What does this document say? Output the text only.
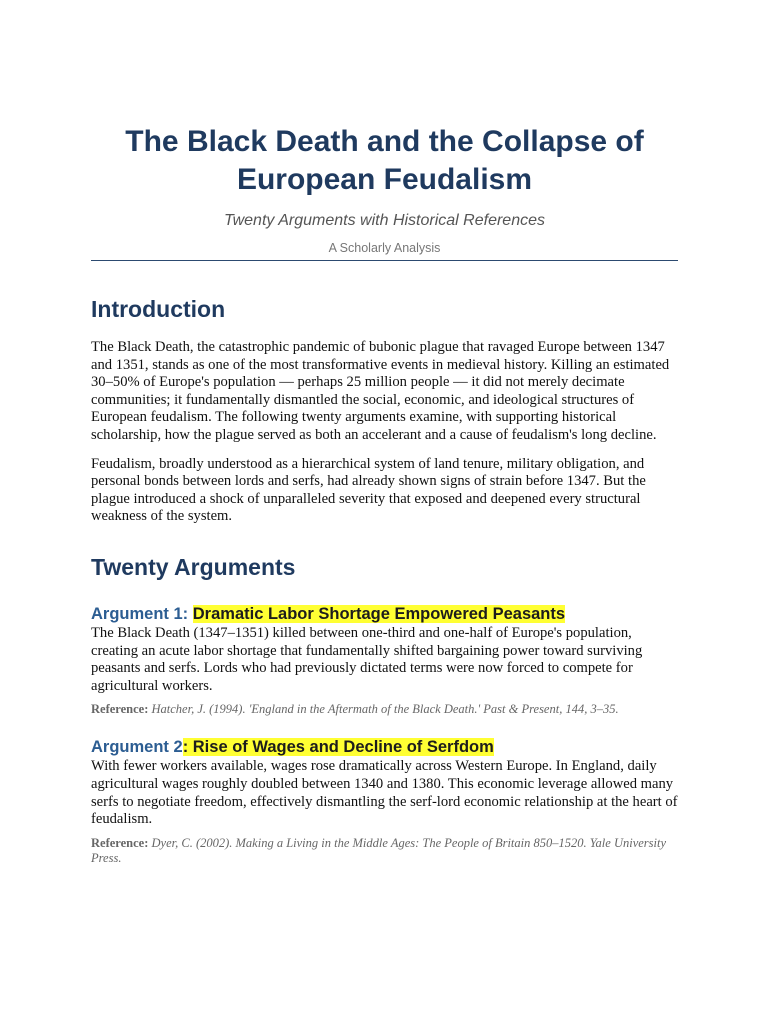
The Black Death and the Collapse of European Feudalism
Twenty Arguments with Historical References
A Scholarly Analysis
Introduction

The Black Death, the catastrophic pandemic of bubonic plague that ravaged Europe between 1347 and 1351, stands as one of the most transformative events in medieval history. Killing an estimated 30–50% of Europe's population — perhaps 25 million people — it did not merely decimate communities; it fundamentally dismantled the social, economic, and ideological structures of European feudalism. The following twenty arguments examine, with supporting historical scholarship, how the plague served as both an accelerant and a cause of feudalism's long decline.

Feudalism, broadly understood as a hierarchical system of land tenure, military obligation, and personal bonds between lords and serfs, had already shown signs of strain before 1347. But the plague introduced a shock of unparalleled severity that exposed and deepened every structural weakness of the system.

Twenty Arguments
Argument 1: Dramatic Labor Shortage Empowered Peasants

The Black Death (1347–1351) killed between one-third and one-half of Europe's population, creating an acute labor shortage that fundamentally shifted bargaining power toward surviving peasants and serfs. Lords who had previously dictated terms were now forced to compete for agricultural workers.

Reference: Hatcher, J. (1994). 'England in the Aftermath of the Black Death.' Past & Present, 144, 3–35.
Argument 2: Rise of Wages and Decline of Serfdom

With fewer workers available, wages rose dramatically across Western Europe. In England, daily agricultural wages roughly doubled between 1340 and 1380. This economic leverage allowed many serfs to negotiate freedom, effectively dismantling the serf-lord economic relationship at the heart of feudalism.

Reference: Dyer, C. (2002). Making a Living in the Middle Ages: The People of Britain 850–1520. Yale University Press.
